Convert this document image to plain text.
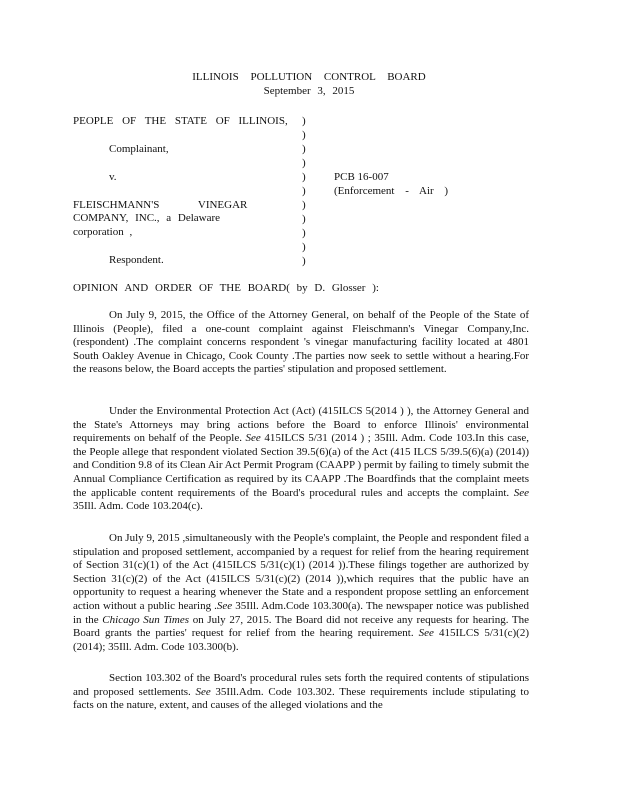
ILLINOIS POLLUTION CONTROL BOARD
September 3, 2015
PEOPLE OF THE STATE OF ILLINOIS,
Complainant,
v.
FLEISCHMANN'S VINEGAR
COMPANY, INC., a Delaware
corporation ,
Respondent.
PCB 16-007
(Enforcement - Air )
)
)
)
)
)
)
)
)
)
)
)
OPINION AND ORDER OF THE BOARD( by D. Glosser ):

On July 9, 2015, the Office of the Attorney General, on behalf of the People of the State of Illinois (People), filed a one-count complaint against Fleischmann's Vinegar Company,Inc. (respondent) .The complaint concerns respondent 's vinegar manufacturing facility located at 4801 South Oakley Avenue in Chicago, Cook County .The parties now seek to settle without a hearing.For the reasons below, the Board accepts the parties' stipulation and proposed settlement.

Under the Environmental Protection Act (Act) (415ILCS 5(2014 ) ), the Attorney General and the State's Attorneys may bring actions before the Board to enforce Illinois' environmental requirements on behalf of the People. See 415ILCS 5/31 (2014 ) ; 35Ill. Adm. Code 103.In this case, the People allege that respondent violated Section 39.5(6)(a) of the Act (415 ILCS 5/39.5(6)(a) (2014)) and Condition 9.8 of its Clean Air Act Permit Program (CAAPP ) permit by failing to timely submit the Annual Compliance Certification as required by its CAAPP .The Boardfinds that the complaint meets the applicable content requirements of the Board's procedural rules and accepts the complaint. See 35Ill. Adm. Code 103.204(c).

On July 9, 2015 ,simultaneously with the People's complaint, the People and respondent filed a stipulation and proposed settlement, accompanied by a request for relief from the hearing requirement of Section 31(c)(1) of the Act (415ILCS 5/31(c)(1) (2014 )).These filings together are authorized by Section 31(c)(2) of the Act (415ILCS 5/31(c)(2) (2014 )),which requires that the public have an opportunity to request a hearing whenever the State and a respondent propose settling an enforcement action without a public hearing .See 35Ill. Adm.Code 103.300(a). The newspaper notice was published in the Chicago Sun Times on July 27, 2015. The Board did not receive any requests for hearing. The Board grants the parties' request for relief from the hearing requirement. See 415ILCS 5/31(c)(2) (2014); 35Ill. Adm. Code 103.300(b).

Section 103.302 of the Board's procedural rules sets forth the required contents of stipulations and proposed settlements. See 35Ill.Adm. Code 103.302. These requirements include stipulating to facts on the nature, extent, and causes of the alleged violations and the
